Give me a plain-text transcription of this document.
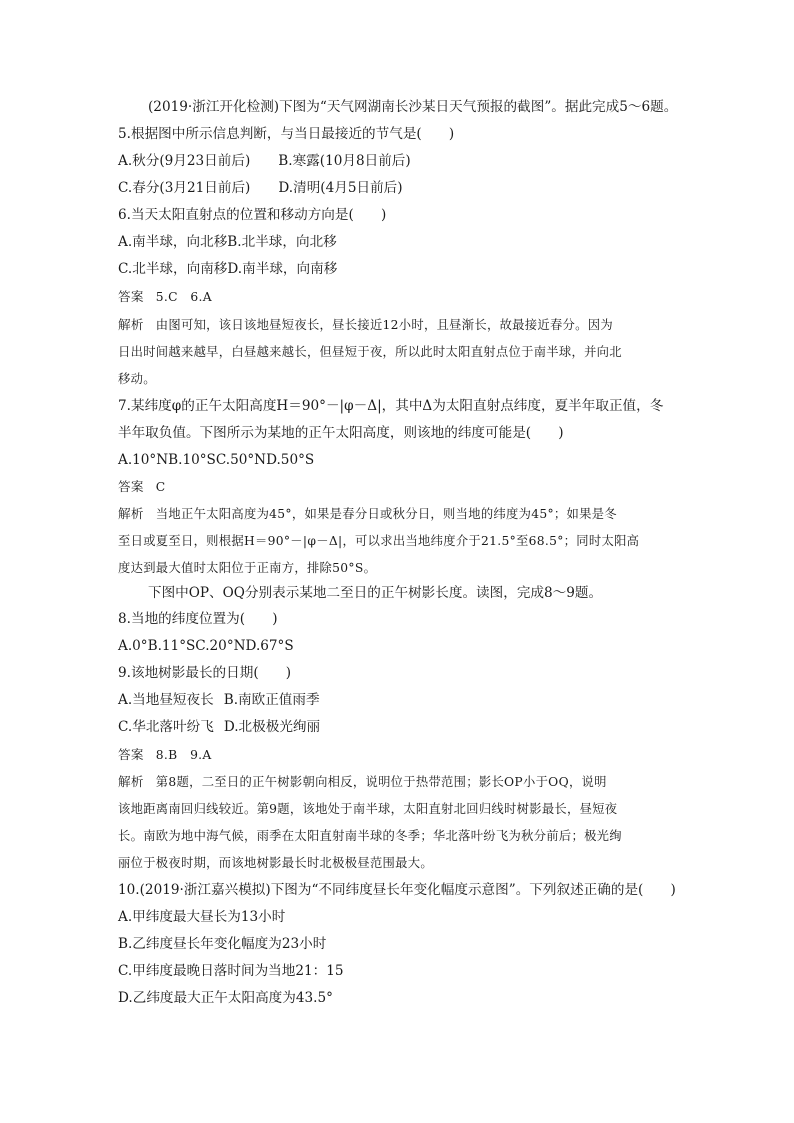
(2019·浙江开化检测)下图为“天气网湖南长沙某日天气预报的截图”。据此完成5～6题。
5.根据图中所示信息判断，与当日最接近的节气是(　　)
A.秋分(9月23日前后) B.寒露(10月8日前后)
C.春分(3月21日前后) D.清明(4月5日前后)
6.当天太阳直射点的位置和移动方向是(　　)
A.南半球，向北移B.北半球，向北移
C.北半球，向南移D.南半球，向南移
答案 5.C　6.A
解析 由图可知，该日该地昼短夜长，昼长接近12小时，且昼渐长，故最接近春分。因为
日出时间越来越早，白昼越来越长，但昼短于夜，所以此时太阳直射点位于南半球，并向北
移动。
7.某纬度φ的正午太阳高度H＝90°－|φ－Δ|，其中Δ为太阳直射点纬度，夏半年取正值，冬
半年取负值。下图所示为某地的正午太阳高度，则该地的纬度可能是(　　)
A.10°NB.10°SC.50°ND.50°S
答案 C
解析 当地正午太阳高度为45°，如果是春分日或秋分日，则当地的纬度为45°；如果是冬
至日或夏至日，则根据H＝90°－|φ－Δ|，可以求出当地纬度介于21.5°至68.5°；同时太阳高
度达到最大值时太阳位于正南方，排除50°S。
下图中OP、OQ分别表示某地二至日的正午树影长度。读图，完成8～9题。
8.当地的纬度位置为(　　)
A.0°B.11°SC.20°ND.67°S
9.该地树影最长的日期(　　)
A.当地昼短夜长 B.南欧正值雨季
C.华北落叶纷飞 D.北极极光绚丽
答案 8.B　9.A
解析 第8题，二至日的正午树影朝向相反，说明位于热带范围；影长OP小于OQ，说明
该地距离南回归线较近。第9题，该地处于南半球，太阳直射北回归线时树影最长，昼短夜
长。南欧为地中海气候，雨季在太阳直射南半球的冬季；华北落叶纷飞为秋分前后；极光绚
丽位于极夜时期，而该地树影最长时北极极昼范围最大。
10.(2019·浙江嘉兴模拟)下图为“不同纬度昼长年变化幅度示意图”。下列叙述正确的是(　　)
A.甲纬度最大昼长为13小时
B.乙纬度昼长年变化幅度为23小时
C.甲纬度最晚日落时间为当地21：15
D.乙纬度最大正午太阳高度为43.5°
